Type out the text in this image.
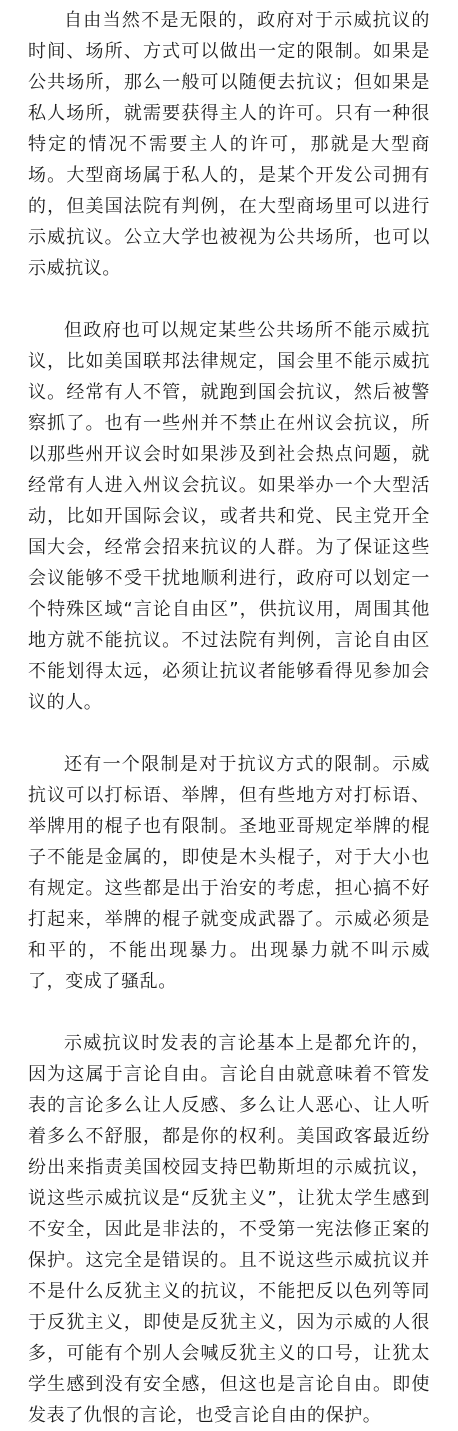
自由当然不是无限的，政府对于示威抗议的时间、场所、方式可以做出一定的限制。如果是公共场所，那么一般可以随便去抗议；但如果是私人场所，就需要获得主人的许可。只有一种很特定的情况不需要主人的许可，那就是大型商场。大型商场属于私人的，是某个开发公司拥有的，但美国法院有判例，在大型商场里可以进行示威抗议。公立大学也被视为公共场所，也可以示威抗议。

但政府也可以规定某些公共场所不能示威抗议，比如美国联邦法律规定，国会里不能示威抗议。经常有人不管，就跑到国会抗议，然后被警察抓了。也有一些州并不禁止在州议会抗议，所以那些州开议会时如果涉及到社会热点问题，就经常有人进入州议会抗议。如果举办一个大型活动，比如开国际会议，或者共和党、民主党开全国大会，经常会招来抗议的人群。为了保证这些会议能够不受干扰地顺利进行，政府可以划定一个特殊区域“言论自由区”，供抗议用，周围其他地方就不能抗议。不过法院有判例，言论自由区不能划得太远，必须让抗议者能够看得见参加会议的人。

还有一个限制是对于抗议方式的限制。示威抗议可以打标语、举牌，但有些地方对打标语、举牌用的棍子也有限制。圣地亚哥规定举牌的棍子不能是金属的，即使是木头棍子，对于大小也有规定。这些都是出于治安的考虑，担心搞不好打起来，举牌的棍子就变成武器了。示威必须是和平的，不能出现暴力。出现暴力就不叫示威了，变成了骚乱。

示威抗议时发表的言论基本上是都允许的，因为这属于言论自由。言论自由就意味着不管发表的言论多么让人反感、多么让人恶心、让人听着多么不舒服，都是你的权利。美国政客最近纷纷出来指责美国校园支持巴勒斯坦的示威抗议，说这些示威抗议是“反犹主义”，让犹太学生感到不安全，因此是非法的，不受第一宪法修正案的保护。这完全是错误的。且不说这些示威抗议并不是什么反犹主义的抗议，不能把反以色列等同于反犹主义，即使是反犹主义，因为示威的人很多，可能有个别人会喊反犹主义的口号，让犹太学生感到没有安全感，但这也是言论自由。即使发表了仇恨的言论，也受言论自由的保护。
